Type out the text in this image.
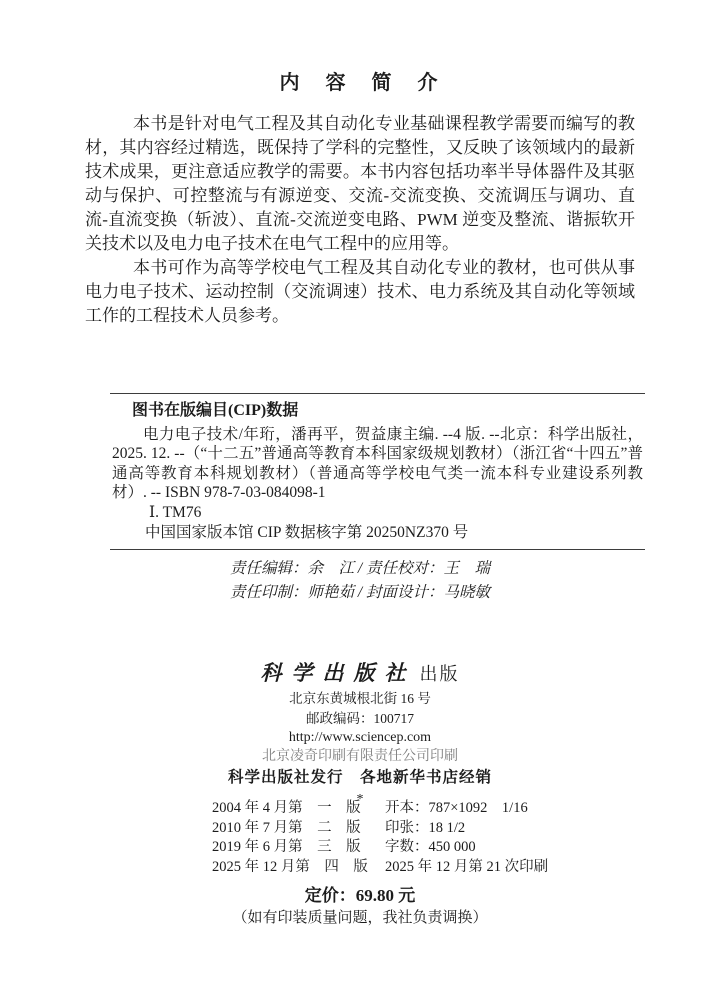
内　容　简　介

本书是针对电气工程及其自动化专业基础课程教学需要而编写的教材，其内容经过精选，既保持了学科的完整性，又反映了该领域内的最新技术成果，更注意适应教学的需要。本书内容包括功率半导体器件及其驱动与保护、可控整流与有源逆变、交流-交流变换、交流调压与调功、直流-直流变换（斩波）、直流-交流逆变电路、PWM 逆变及整流、谐振软开关技术以及电力电子技术在电气工程中的应用等。

本书可作为高等学校电气工程及其自动化专业的教材，也可供从事电力电子技术、运动控制（交流调速）技术、电力系统及其自动化等领域工作的工程技术人员参考。

图书在版编目(CIP)数据

电力电子技术/年珩，潘再平，贺益康主编. --4 版. --北京：科学出版社，2025. 12. --（“十二五”普通高等教育本科国家级规划教材）（浙江省“十四五”普通高等教育本科规划教材）（普通高等学校电气类一流本科专业建设系列教材）. -- ISBN 978-7-03-084098-1

Ⅰ. TM76
中国国家版本馆 CIP 数据核字第 20250NZ370 号
责任编辑：余　江 / 责任校对：王　瑞
责任印制：师艳茹 / 封面设计：马晓敏
科学出版社 出版
北京东黄城根北街 16 号
邮政编码：100717
http://www.sciencep.com
北京凌奇印刷有限责任公司印刷
科学出版社发行　各地新华书店经销
*
2004 年 4 月第　一　版	开本：787×1092　1/16
2010 年 7 月第　二　版	印张：18 1/2
2019 年 6 月第　三　版	字数：450 000
2025 年 12 月第　四　版	2025 年 12 月第 21 次印刷
定价：69.80 元
（如有印装质量问题，我社负责调换）
